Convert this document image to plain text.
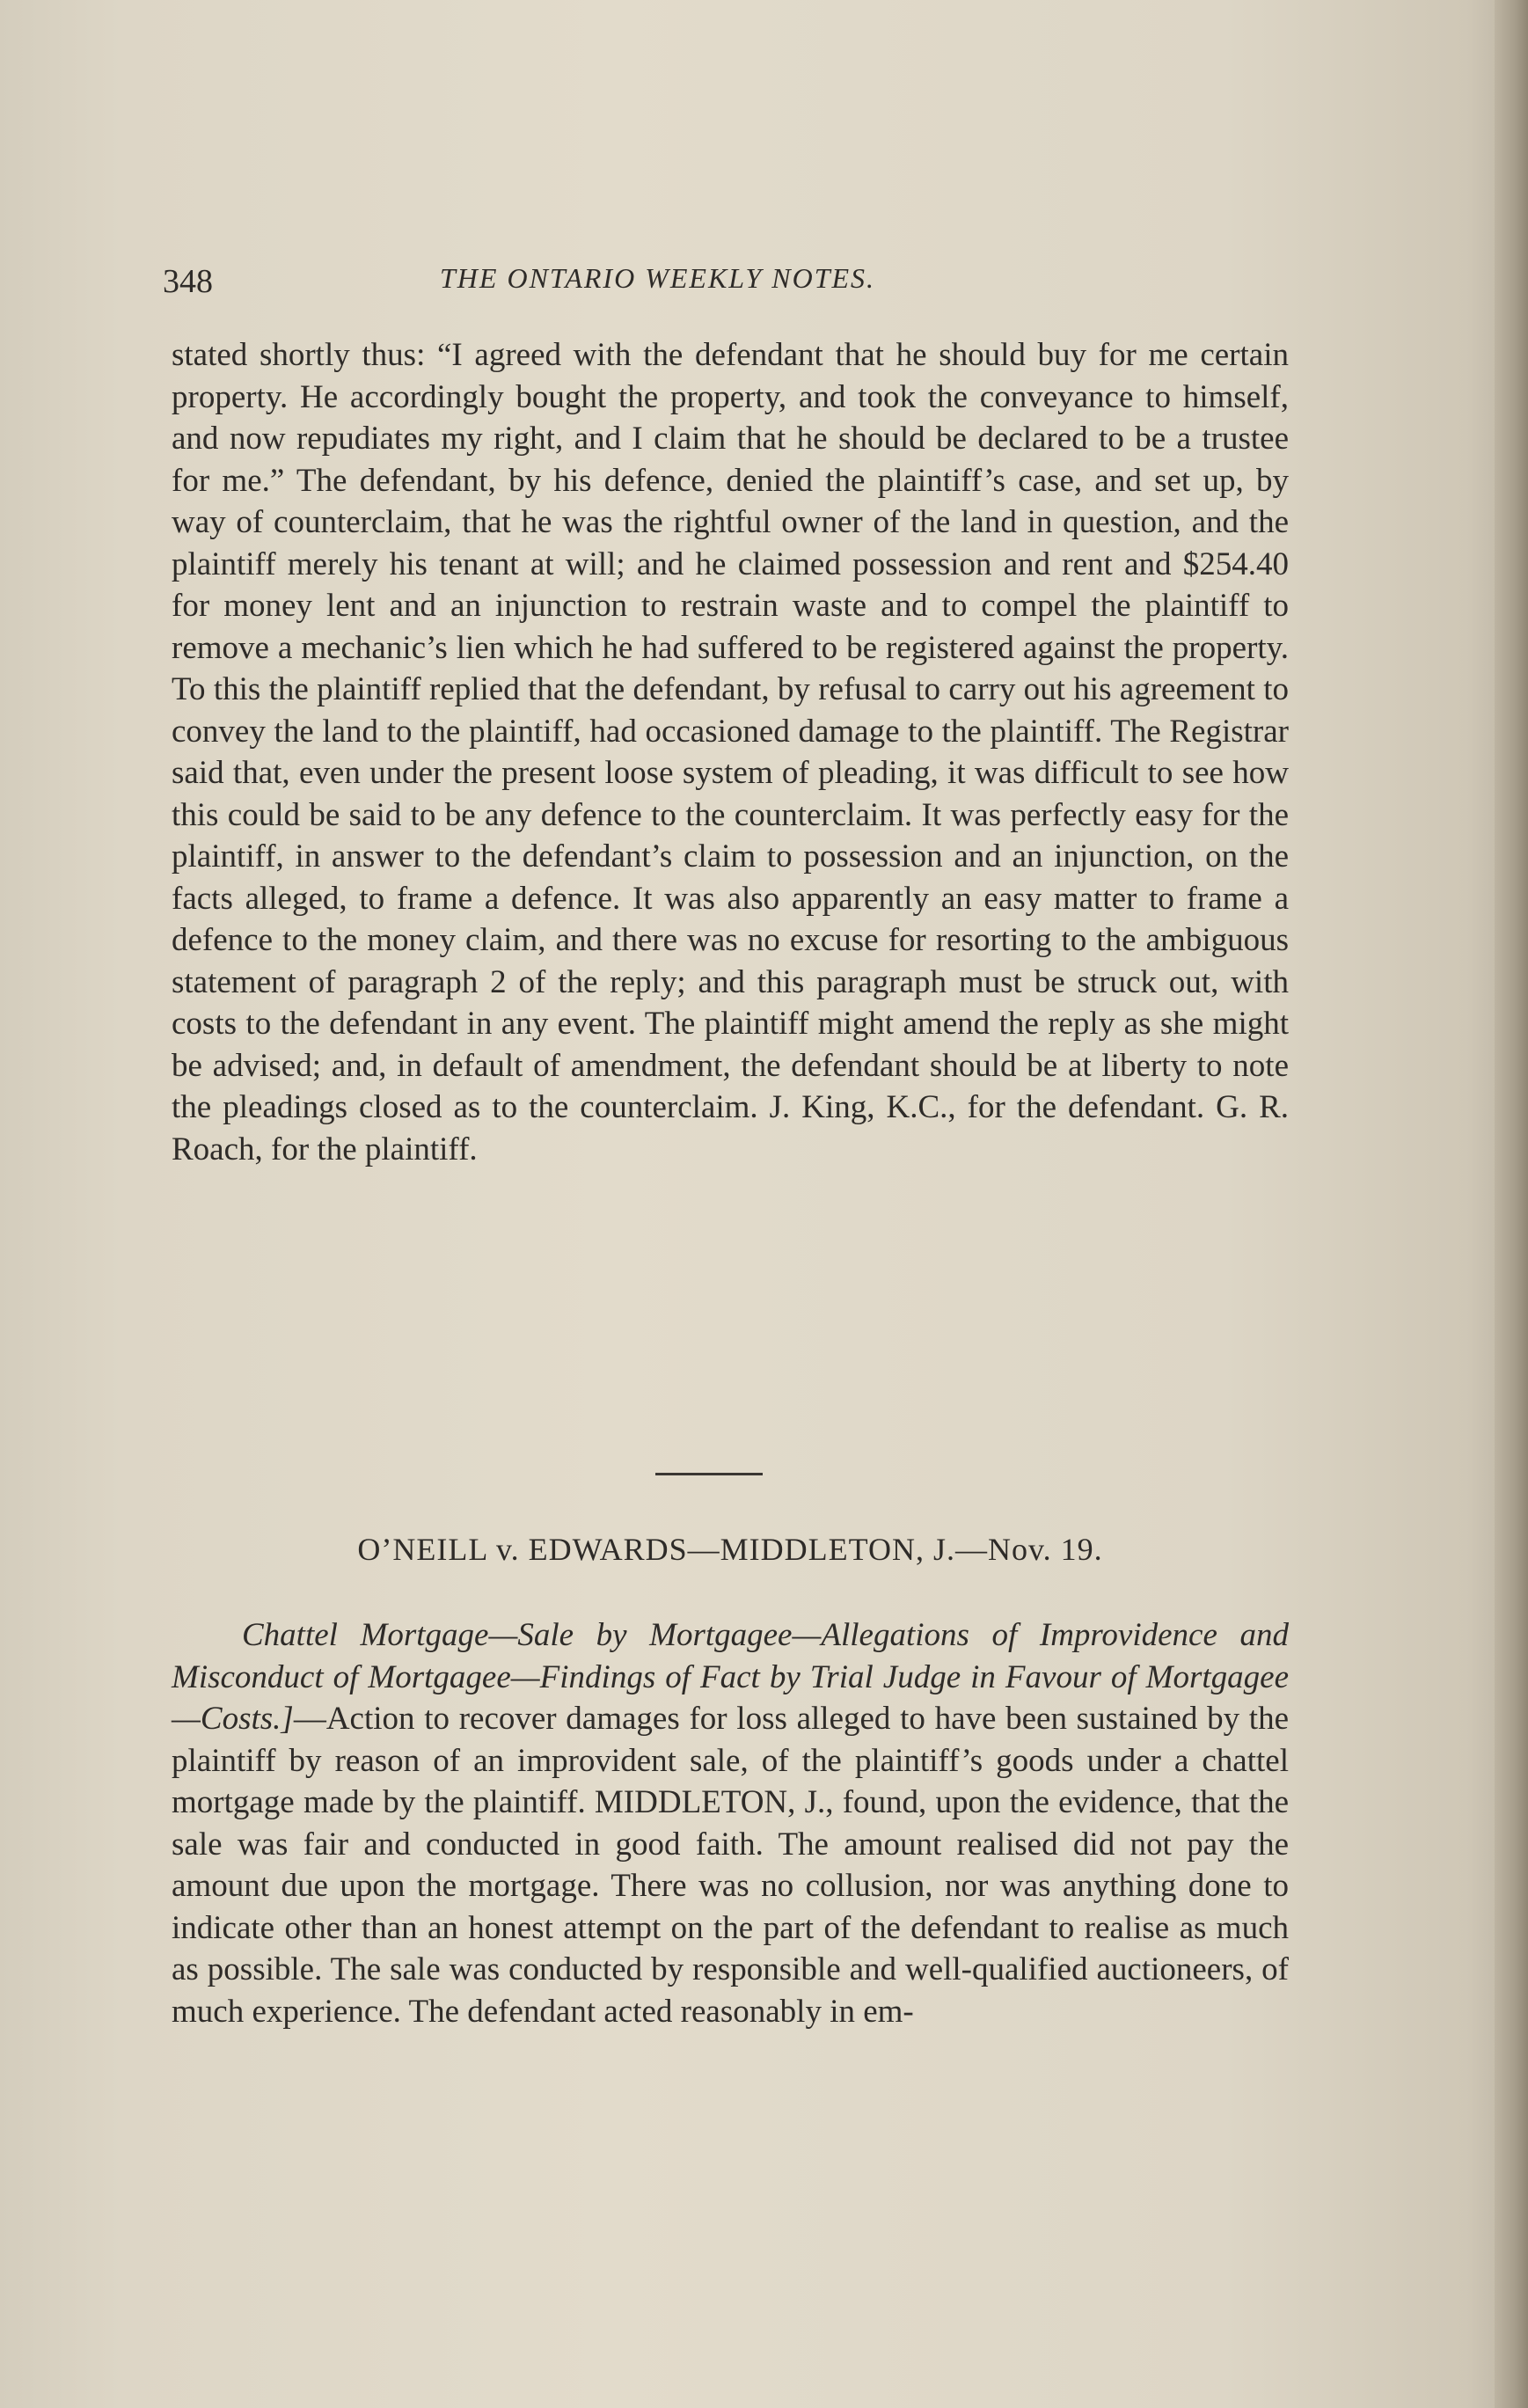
348	THE ONTARIO WEEKLY NOTES.
stated shortly thus: “I agreed with the defendant that he should buy for me certain property. He accordingly bought the property, and took the conveyance to himself, and now repudiates my right, and I claim that he should be declared to be a trustee for me.” The defendant, by his defence, denied the plaintiff’s case, and set up, by way of counterclaim, that he was the rightful owner of the land in question, and the plaintiff merely his tenant at will; and he claimed possession and rent and $254.40 for money lent and an injunction to restrain waste and to compel the plaintiff to remove a mechanic’s lien which he had suffered to be registered against the property. To this the plaintiff replied that the defendant, by refusal to carry out his agreement to convey the land to the plaintiff, had occasioned damage to the plaintiff. The Registrar said that, even under the present loose system of pleading, it was difficult to see how this could be said to be any defence to the counterclaim. It was perfectly easy for the plaintiff, in answer to the defendant’s claim to possession and an injunction, on the facts alleged, to frame a defence. It was also apparently an easy matter to frame a defence to the money claim, and there was no excuse for resorting to the ambiguous statement of paragraph 2 of the reply; and this paragraph must be struck out, with costs to the defendant in any event. The plaintiff might amend the reply as she might be advised; and, in default of amendment, the defendant should be at liberty to note the pleadings closed as to the counterclaim. J. King, K.C., for the defendant. G. R. Roach, for the plaintiff.
O’NEILL v. EDWARDS—MIDDLETON, J.—Nov. 19.
Chattel Mortgage—Sale by Mortgagee—Allegations of Improvidence and Misconduct of Mortgagee—Findings of Fact by Trial Judge in Favour of Mortgagee—Costs.]—Action to recover damages for loss alleged to have been sustained by the plaintiff by reason of an improvident sale, of the plaintiff’s goods under a chattel mortgage made by the plaintiff. MIDDLETON, J., found, upon the evidence, that the sale was fair and conducted in good faith. The amount realised did not pay the amount due upon the mortgage. There was no collusion, nor was anything done to indicate other than an honest attempt on the part of the defendant to realise as much as possible. The sale was conducted by responsible and well-qualified auctioneers, of much experience. The defendant acted reasonably in em-
